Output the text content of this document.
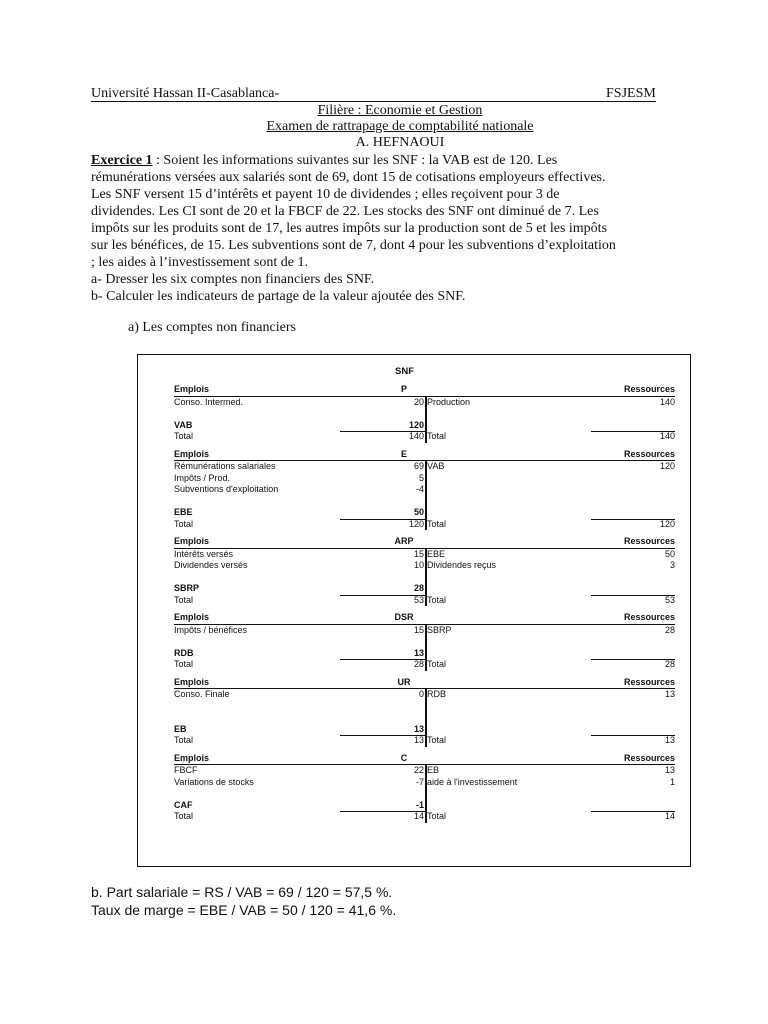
Université Hassan II-Casablanca-	FSJESM
Filière : Economie et Gestion
Examen de rattrapage de comptabilité nationale
A. HEFNAOUI
Exercice 1 : Soient les informations suivantes sur les SNF : la VAB est de 120. Les
rémunérations versées aux salariés sont de 69, dont 15 de cotisations employeurs effectives.
Les SNF versent 15 d’intérêts et payent 10 de dividendes ; elles reçoivent pour 3 de
dividendes. Les CI sont de 20 et la FBCF de 22. Les stocks des SNF ont diminué de 7. Les
impôts sur les produits sont de 17, les autres impôts sur la production sont de 5 et les impôts
sur les bénéfices, de 15. Les subventions sont de 7, dont 4 pour les subventions d’exploitation
; les aides à l’investissement sont de 1.
a- Dresser les six comptes non financiers des SNF.
b- Calculer les indicateurs de partage de la valeur ajoutée des SNF.
a) Les comptes non financiers
SNF
Emplois	P	Ressources
Conso. Intermed.	20 Production	140
VAB	120
Total	140 Total	140
Emplois	E	Ressources
Rémunérations salariales	69 VAB	120
Impôts / Prod.	5
Subventions d'exploitation	-4
EBE	50
Total	120 Total	120
Emplois	ARP	Ressources
Intérêts versés	15 EBE	50
Dividendes versés	10 Dividendes reçus	3
SBRP	28
Total	53 Total	53
Emplois	DSR	Ressources
Impôts / bénéfices	15 SBRP	28
RDB	13
Total	28 Total	28
Emplois	UR	Ressources
Conso. Finale	0 RDB	13
EB	13
Total	13 Total	13
Emplois	C	Ressources
FBCF	22 EB	13
Variations de stocks	-7 aide à l'investissement	1
CAF	-1
Total	14 Total	14
b. Part salariale = RS / VAB = 69 / 120 = 57,5 %.
Taux de marge = EBE / VAB = 50 / 120 = 41,6 %.
